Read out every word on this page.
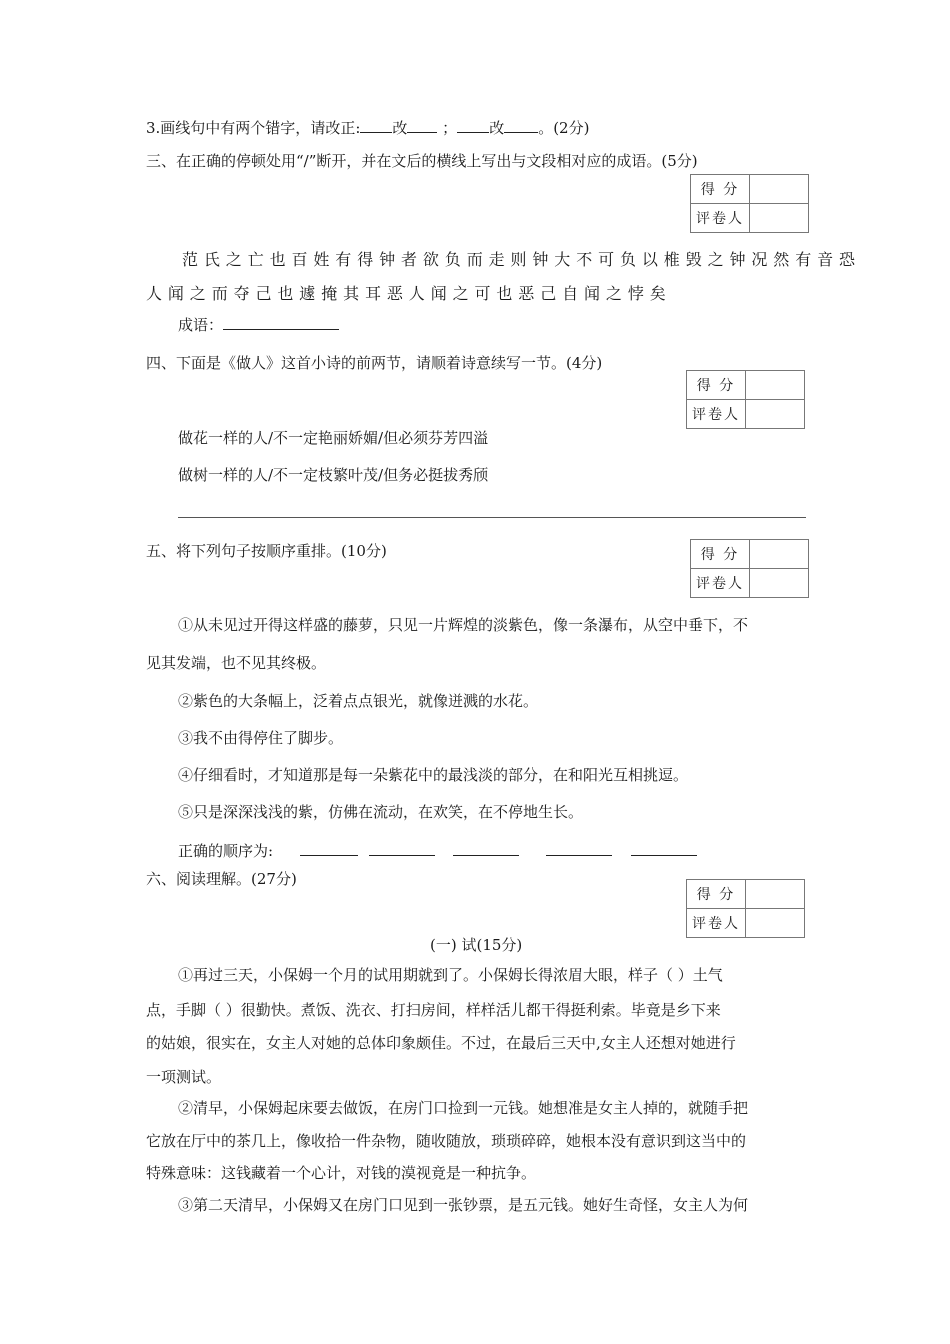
3.画线句中有两个错字，请改正: 改 ； 改 。(2分)
三、在正确的停顿处用“/”断开，并在文后的横线上写出与文段相对应的成语。(5分)
得 分	
评卷人	
范氏之亡也百姓有得钟者欲负而走则钟大不可负以椎毁之钟况然有音恐
人闻之而夺己也遽掩其耳恶人闻之可也恶己自闻之悖矣
成语：
四、下面是《做人》这首小诗的前两节，请顺着诗意续写一节。(4分)
得 分	
评卷人	
做花一样的人/不一定艳丽娇媚/但必须芬芳四溢
做树一样的人/不一定枝繁叶茂/但务必挺拔秀颀
五、将下列句子按顺序重排。(10分)	得 分	
评卷人	
①从未见过开得这样盛的藤萝，只见一片辉煌的淡紫色，像一条瀑布，从空中垂下，不
见其发端，也不见其终极。
②紫色的大条幅上，泛着点点银光，就像迸溅的水花。
③我不由得停住了脚步。
④仔细看时，才知道那是每一朵紫花中的最浅淡的部分，在和阳光互相挑逗。
⑤只是深深浅浅的紫，仿佛在流动，在欢笑，在不停地生长。
正确的顺序为:
六、阅读理解。(27分)
得 分	
评卷人	
(一) 试(15分)
①再过三天，小保姆一个月的试用期就到了。小保姆长得浓眉大眼，样子（ ）土气
点，手脚（ ）很勤快。煮饭、洗衣、打扫房间，样样活儿都干得挺利索。毕竟是乡下来
的姑娘，很实在，女主人对她的总体印象颇佳。不过，在最后三天中,女主人还想对她进行
一项测试。
②清早，小保姆起床要去做饭，在房门口捡到一元钱。她想准是女主人掉的，就随手把
它放在厅中的茶几上，像收拾一件杂物，随收随放，琐琐碎碎，她根本没有意识到这当中的
特殊意味：这钱藏着一个心计，对钱的漠视竟是一种抗争。
③第二天清早，小保姆又在房门口见到一张钞票，是五元钱。她好生奇怪，女主人为何
